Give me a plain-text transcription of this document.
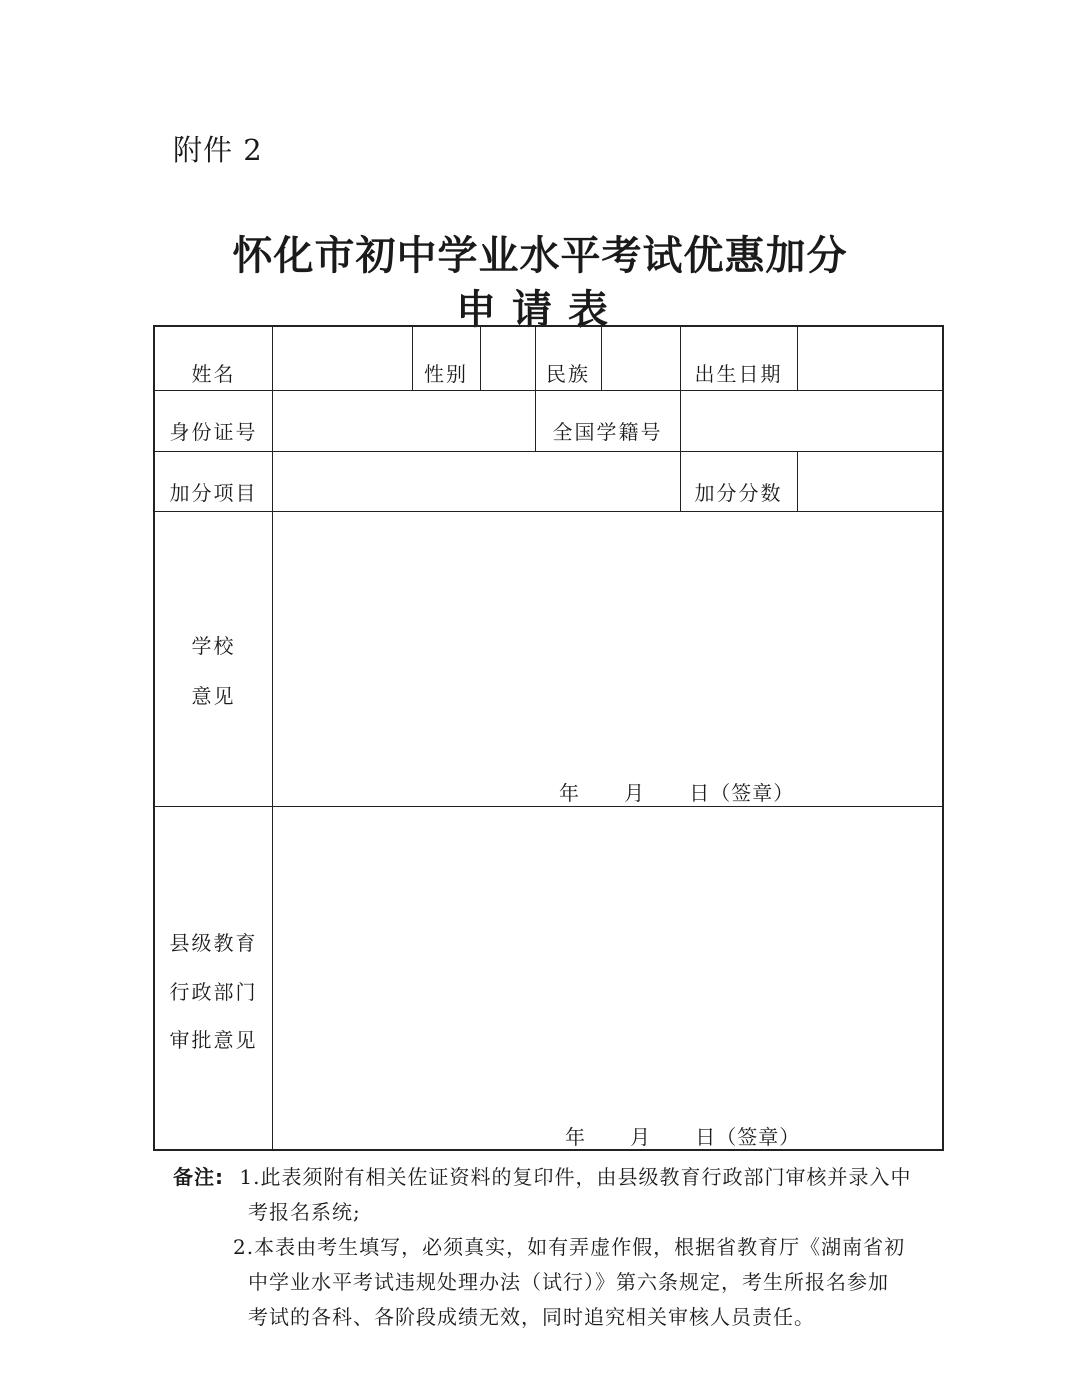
附件 2
怀化市初中学业水平考试优惠加分
申请表
姓名	性别	民族	出生日期
身份证号	全国学籍号
加分项目	加分分数
学校
意见
年      月      日（签章）
县级教育
行政部门
审批意见
年      月      日（签章）
备注: 1.此表须附有相关佐证资料的复印件，由县级教育行政部门审核并录入中
考报名系统;
2.本表由考生填写，必须真实，如有弄虚作假，根据省教育厅《湖南省初
中学业水平考试违规处理办法（试行）》第六条规定，考生所报名参加
考试的各科、各阶段成绩无效，同时追究相关审核人员责任。
